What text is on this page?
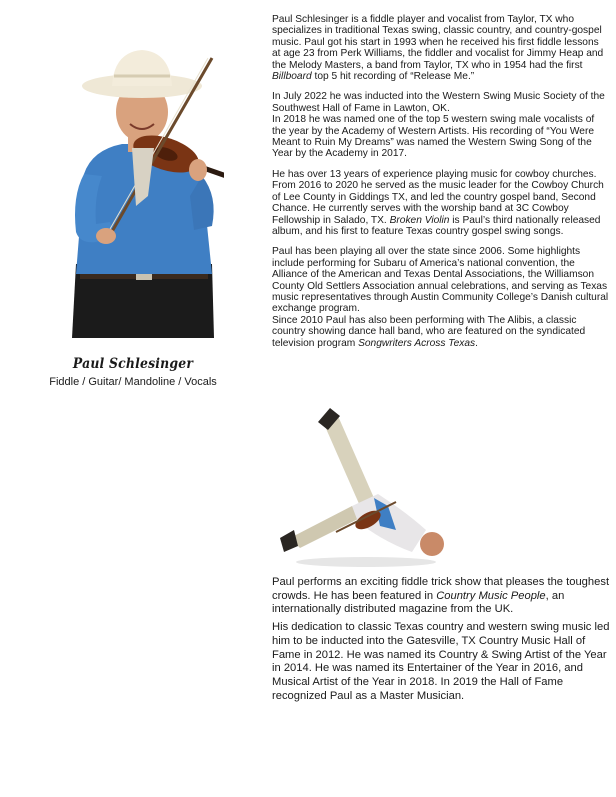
Paul Schlesinger
Fiddle / Guitar/ Mandoline / Vocals

Paul Schlesinger is a fiddle player and vocalist from Taylor, TX who specializes in traditional Texas swing, classic country, and country-gospel music. Paul got his start in 1993 when he received his first fiddle lessons at age 23 from Perk Williams, the fiddler and vocalist for Jimmy Heap and the Melody Masters, a band from Taylor, TX who in 1954 had the first Billboard top 5 hit recording of “Release Me.”

In July 2022 he was inducted into the Western Swing Music Society of the Southwest Hall of Fame in Lawton, OK.

In 2018 he was named one of the top 5 western swing male vocalists of the year by the Academy of Western Artists. His recording of “You Were Meant to Ruin My Dreams” was named the Western Swing Song of the Year by the Academy in 2017.

He has over 13 years of experience playing music for cowboy churches. From 2016 to 2020 he served as the music leader for the Cowboy Church of Lee County in Giddings TX, and led the country gospel band, Second Chance. He currently serves with the worship band at 3C Cowboy Fellowship in Salado, TX. Broken Violin is Paul’s third nationally released album, and his first to feature Texas country gospel swing songs.

Paul has been playing all over the state since 2006. Some highlights include performing for Subaru of America’s national convention, the Alliance of the American and Texas Dental Associations, the Williamson County Old Settlers Association annual celebrations, and serving as Texas music representatives through Austin Community College’s Danish cultural exchange program.

Since 2010 Paul has also been performing with The Alibis, a classic country showing dance hall band, who are featured on the syndicated television program Songwriters Across Texas.

Paul performs an exciting fiddle trick show that pleases the toughest crowds. He has been featured in Country Music People, an internationally distributed magazine from the UK.

His dedication to classic Texas country and western swing music led him to be inducted into the Gatesville, TX Country Music Hall of Fame in 2012. He was named its Country & Swing Artist of the Year in 2014. He was named its Entertainer of the Year in 2016, and Musical Artist of the Year in 2018. In 2019 the Hall of Fame recognized Paul as a Master Musician.
